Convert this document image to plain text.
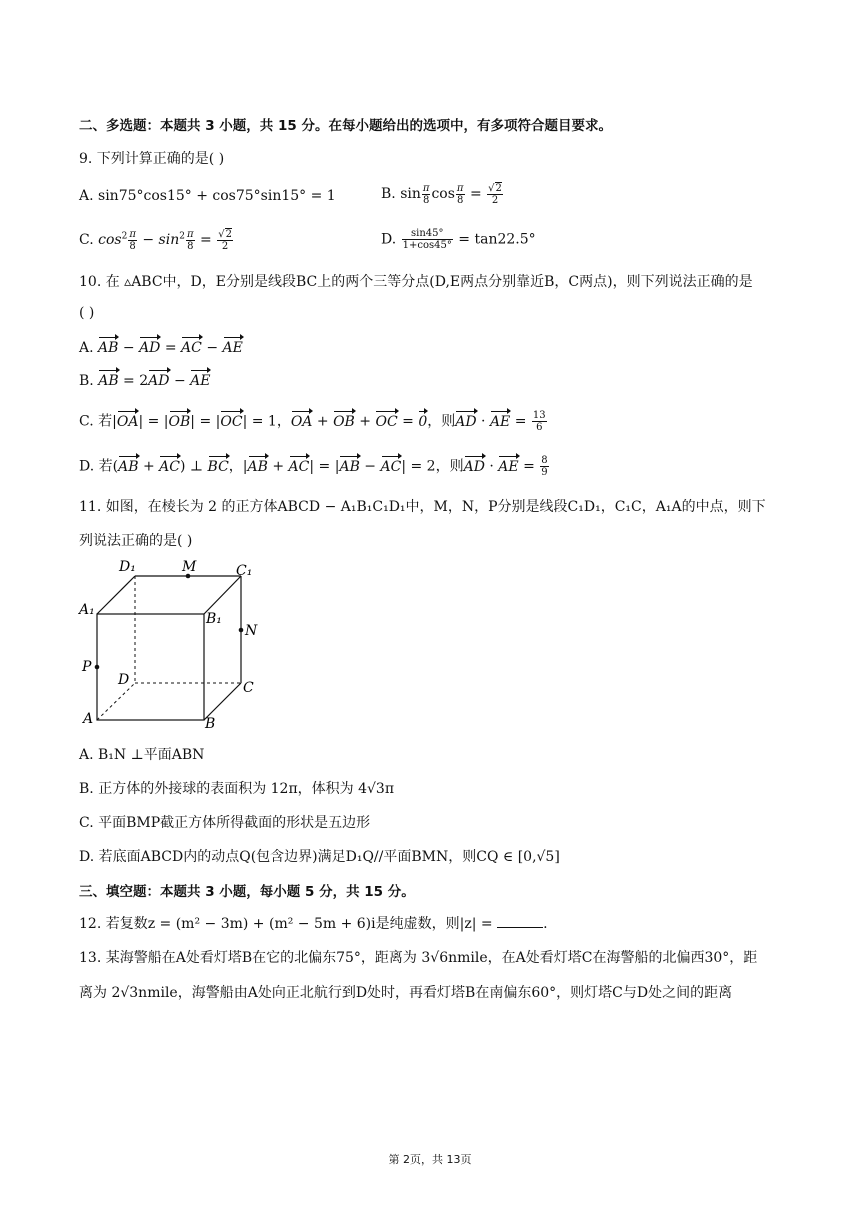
二、多选题：本题共 3 小题，共 15 分。在每小题给出的选项中，有多项符合题目要求。
9. 下列计算正确的是( )
A. sin75°cos15° + cos75°sin15° = 1	B. $\sin \frac{\pi}{8}$ $\cos \frac{\pi}{8} = \frac{√2}{2}$
C. $\cos^2 \frac{\pi}{8} - \sin^2 \frac{\pi}{8} = \frac{√2}{2}$	D. $\frac{\sin 45^\circ}{1+\cos 45^\circ} = \tan 22.5^\circ$
10. 在 ▵ABC中，D，E分别是线段BC上的两个三等分点(D,E两点分别靠近B，C两点)，则下列说法正确的是
( )
A. AB − AD = AC − AE
B. AB = 2AD − AE
C. 若|OA| = |OB| = |OC| = 1，OA + OB + OC = 0，则AD · AE = $\frac{13}{6}$
D. 若(AB + AC) ⊥ BC，|AB + AC| = |AB − AC| = 2，则AD · AE = $\frac{8}{9}$
11. 如图，在棱长为 2 的正方体ABCD − A₁B₁C₁D₁中，M，N，P分别是线段C₁D₁，C₁C，A₁A的中点，则下
列说法正确的是( )
D₁	M	C₁
A₁
B₁
N
P
D	C
A	B
A. B₁N ⊥平面ABN
B. 正方体的外接球的表面积为 12π，体积为 4√3π
C. 平面BMP截正方体所得截面的形状是五边形
D. 若底面ABCD内的动点Q(包含边界)满足D₁Q//平面BMN，则CQ ∈ [0,√5]
三、填空题：本题共 3 小题，每小题 5 分，共 15 分。
12. 若复数z = (m² − 3m) + (m² − 5m + 6)i是纯虚数，则|z| =	.
13. 某海警船在A处看灯塔B在它的北偏东75°，距离为 3√6nmile，在A处看灯塔C在海警船的北偏西30°，距
离为 2√3nmile，海警船由A处向正北航行到D处时，再看灯塔B在南偏东60°，则灯塔C与D处之间的距离
第 2页，共 13页
